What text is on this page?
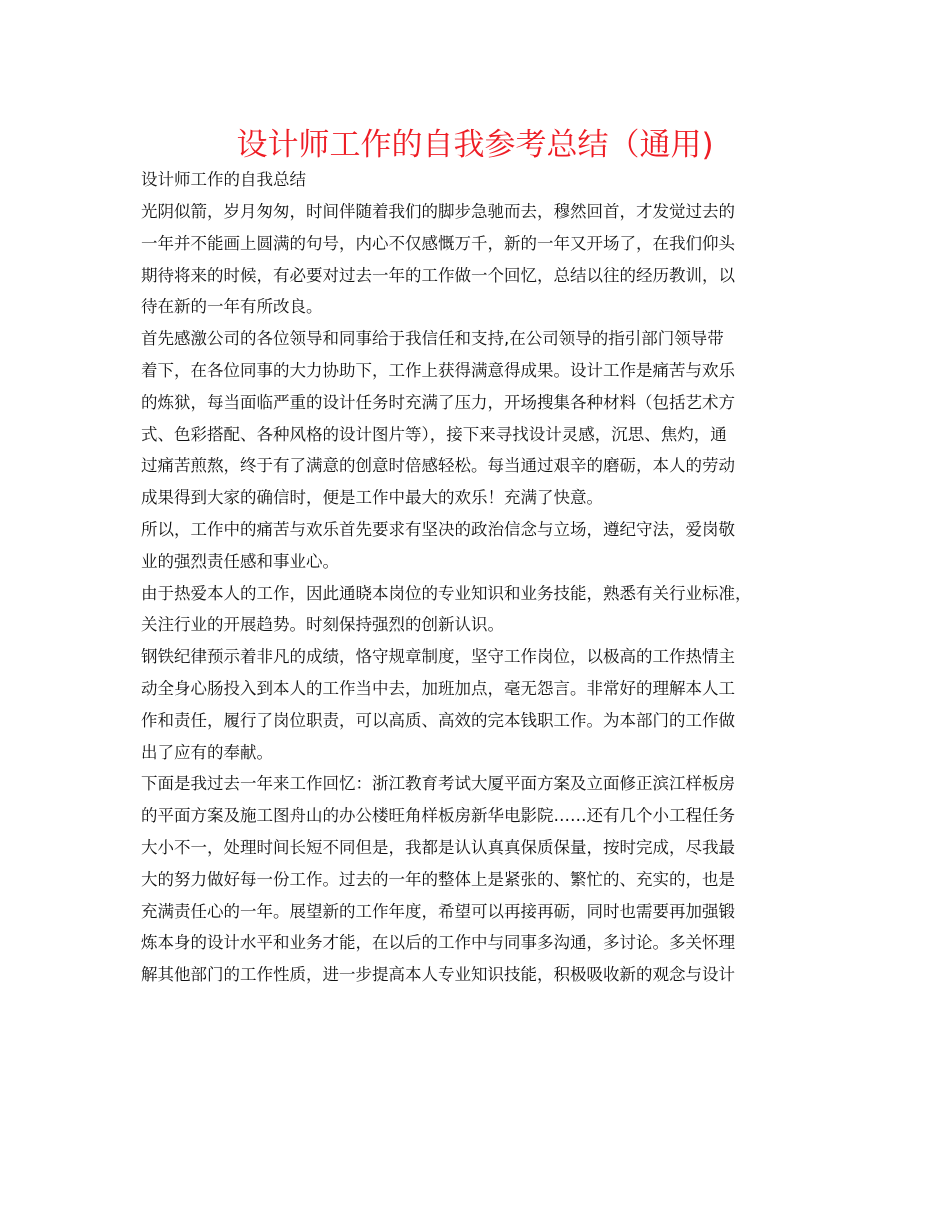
设计师工作的自我参考总结（通用)

设计师工作的自我总结

光阴似箭，岁月匆匆，时间伴随着我们的脚步急驰而去，穆然回首，才发觉过去的
一年并不能画上圆满的句号，内心不仅感慨万千，新的一年又开场了，在我们仰头
期待将来的时候，有必要对过去一年的工作做一个回忆，总结以往的经历教训，以
待在新的一年有所改良。
首先感激公司的各位领导和同事给于我信任和支持,在公司领导的指引部门领导带
着下，在各位同事的大力协助下，工作上获得满意得成果。设计工作是痛苦与欢乐
的炼狱，每当面临严重的设计任务时充满了压力，开场搜集各种材料（包括艺术方
式、色彩搭配、各种风格的设计图片等），接下来寻找设计灵感，沉思、焦灼，通
过痛苦煎熬，终于有了满意的创意时倍感轻松。每当通过艰辛的磨砺，本人的劳动
成果得到大家的确信时，便是工作中最大的欢乐！充满了快意。
所以，工作中的痛苦与欢乐首先要求有坚决的政治信念与立场，遵纪守法，爱岗敬
业的强烈责任感和事业心。
由于热爱本人的工作，因此通晓本岗位的专业知识和业务技能，熟悉有关行业标准，
关注行业的开展趋势。时刻保持强烈的创新认识。
钢铁纪律预示着非凡的成绩，恪守规章制度，坚守工作岗位，以极高的工作热情主
动全身心肠投入到本人的工作当中去，加班加点，毫无怨言。非常好的理解本人工
作和责任，履行了岗位职责，可以高质、高效的完本钱职工作。为本部门的工作做
出了应有的奉献。
下面是我过去一年来工作回忆：浙江教育考试大厦平面方案及立面修正滨江样板房
的平面方案及施工图舟山的办公楼旺角样板房新华电影院……还有几个小工程任务
大小不一，处理时间长短不同但是，我都是认认真真保质保量，按时完成，尽我最
大的努力做好每一份工作。过去的一年的整体上是紧张的、繁忙的、充实的，也是
充满责任心的一年。展望新的工作年度，希望可以再接再砺，同时也需要再加强锻
炼本身的设计水平和业务才能，在以后的工作中与同事多沟通，多讨论。多关怀理
解其他部门的工作性质，进一步提高本人专业知识技能，积极吸收新的观念与设计
